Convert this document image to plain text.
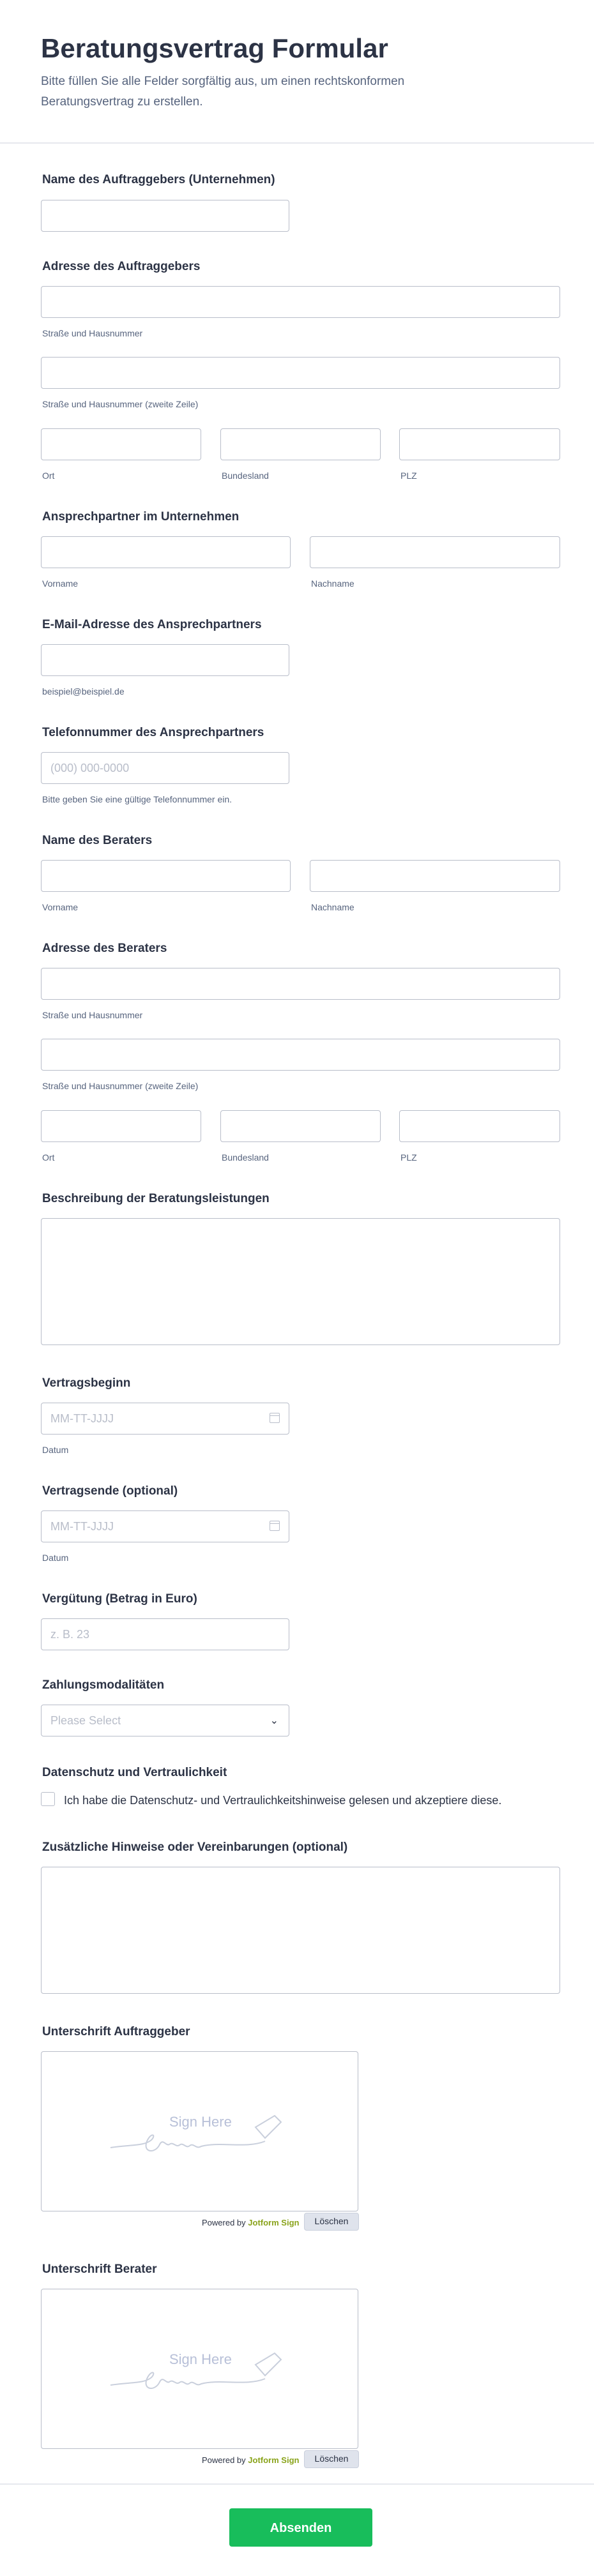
Beratungsvertrag Formular
Bitte füllen Sie alle Felder sorgfältig aus, um einen rechtskonformen Beratungsvertrag zu erstellen.
Name des Auftraggebers (Unternehmen)
Adresse des Auftraggebers
Straße und Hausnummer
Straße und Hausnummer (zweite Zeile)
Ort	Bundesland	PLZ
Ansprechpartner im Unternehmen
Vorname	Nachname
E-Mail-Adresse des Ansprechpartners
beispiel@beispiel.de
Telefonnummer des Ansprechpartners
(000) 000-0000
Bitte geben Sie eine gültige Telefonnummer ein.
Name des Beraters
Vorname	Nachname
Adresse des Beraters
Straße und Hausnummer
Straße und Hausnummer (zweite Zeile)
Ort	Bundesland	PLZ
Beschreibung der Beratungsleistungen
Vertragsbeginn
MM-TT-JJJJ
Datum
Vertragsende (optional)
MM-TT-JJJJ
Datum
Vergütung (Betrag in Euro)
z. B. 23
Zahlungsmodalitäten
Please Select	⌄
Datenschutz und Vertraulichkeit
Ich habe die Datenschutz- und Vertraulichkeitshinweise gelesen und akzeptiere diese.
Zusätzliche Hinweise oder Vereinbarungen (optional)
Unterschrift Auftraggeber
Sign Here
Powered by Jotform Sign	Löschen
Unterschrift Berater
Sign Here
Powered by Jotform Sign	Löschen
Absenden
